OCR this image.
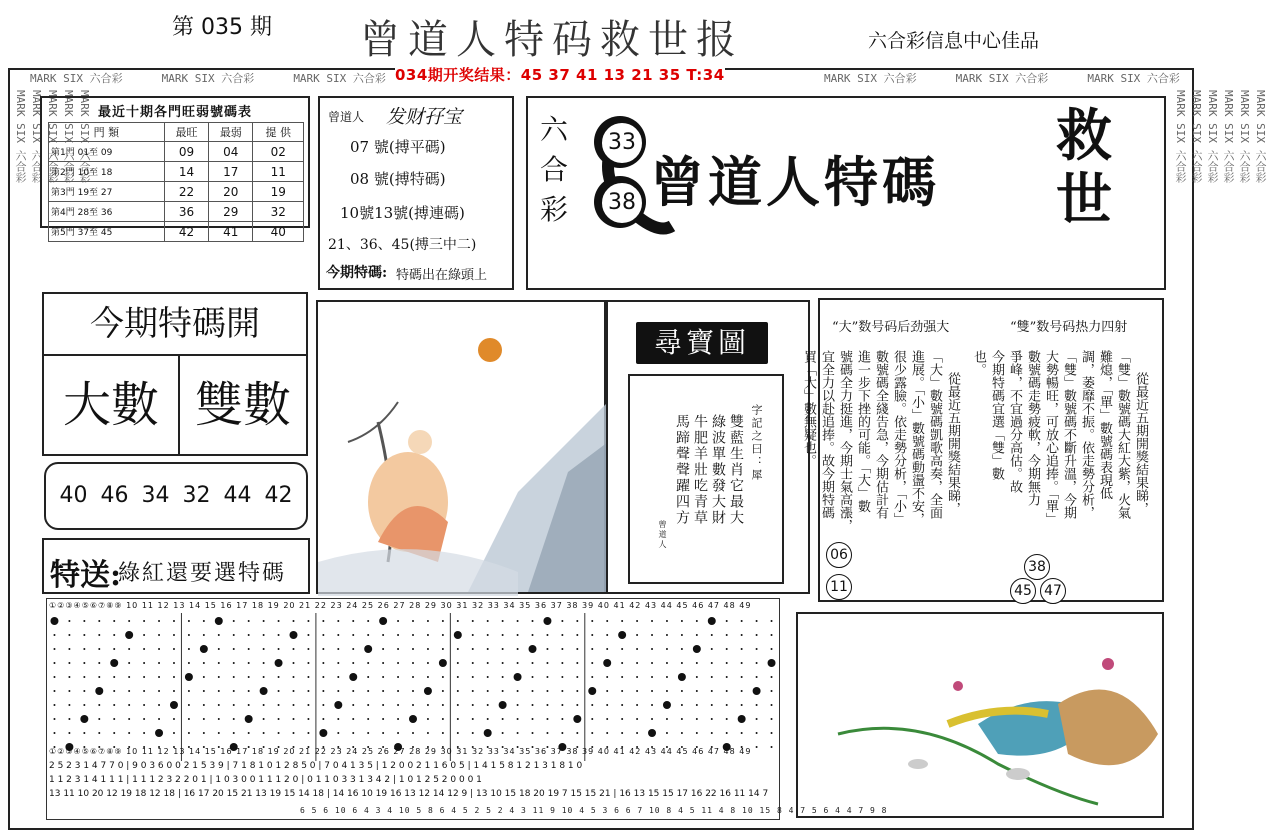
第 035 期 曾道人特码救世报	六合彩信息中心佳品
MARK SIX 六合彩	MARK SIX 六合彩	MARK SIX 六合彩	MARK SIX 六合彩	MARK SIX 六合彩	MARK SIX 六合彩
034期开奖结果：45 37 41 13 21 35 T:34
MARK SIX 六合彩
MARK SIX 六合彩
MARK SIX 六合彩
MARK SIX 六合彩
MARK SIX 六合彩	MARK SIX 六合彩
MARK SIX 六合彩
MARK SIX 六合彩
MARK SIX 六合彩
MARK SIX 六合彩
MARK SIX 六合彩
最近十期各門旺弱號碼表
門 類	最旺	最弱	提 供
第1門 01至 09	09	04	02
第2門 10至 18	14	17	11
第3門 19至 27	22	20	19
第4門 28至 36	36	29	32
第5門 37至 45	42	41	40
曾道人 发财孖宝
07 號(搏平碼)
08 號(搏特碼)
10號13號(搏連碼)
21、36、45(搏三中二)
今期特碼: 特碼出在綠頭上
六
合
彩
33
38 曾道人特碼
救
世
今期特碼開
大數 雙數
40 46 34 32 44 42
特送:
綠紅還要選特碼
尋寶圖
字記之曰：犀
雙藍生肖它最大
綠波單數發大財
牛肥羊壯吃青草
馬蹄聲聲躍四方
曾道人
“大”数号码后劲强大	“雙”数号码热力四射
從最近五期開獎結果睇，
「雙」數號碼大紅大紫，火氣
難熄，「單」數號碼表現低
調，萎靡不振。依走勢分析，
「雙」數號碼不斷升溫，今期
大勢暢旺，可放心追捧。「單」
數號碼走勢疲軟，今期無力
爭峰，不宜過分高估。故
今期特碼宜選「雙」數
也。
從最近五期開獎結果睇，
「大」數號碼凱歌高奏，全面
進展。「小」數號碼動盪不安，
很少露臉。依走勢分析，「小」
數號碼全綫告急，今期估計有
進一步下挫的可能。「大」數
號碼全力挺進，今期士氣高漲，
宜全力以赴追捧。故今期特碼
買「大」數無疑也。
06
11
38
45 47
①②③④⑤⑥⑦⑧⑨ 10 11 12 13 14 15 16 17 18 19 20 21 22 23 24 25 26 27 28 29 30 31 32 33 34 35 36 37 38 39 40 41 42 43 44 45 46 47 48 49
①②③④⑤⑥⑦⑧⑨ 10 11 12 13 14 15 16 17 18 19 20 21 22 23 24 25 26 27 28 29 30 31 32 33 34 35 36 37 38 39 40 41 42 43 44 45 46 47 48 49
2 5 2 3 1 4 7 7 0 | 9 0 3 6 0 0 2 1 5 3 9 | 7 1 8 1 0 1 2 8 5 0 | 7 0 4 1 3 5 | 1 2 0 0 2 1 1 6 0 5 | 1 4 1 5 8 1 2 1 3 1 8 1 0
1 1 2 3 1 4 1 1 1 | 1 1 1 2 3 2 2 0 1 | 1 0 3 0 0 1 1 1 2 0 | 0 1 1 0 3 3 1 3 4 2 | 1 0 1 2 5 2 0 0 0 1
13 11 10 20 12 19 18 12 18 | 16 17 20 15 21 13 19 15 14 18 | 14 16 10 19 16 13 12 14 12 9 | 13 10 15 18 20 19 7 15 15 21 | 16 13 15 15 17 16 22 16 11 14 7
6 5 6 10 6 4 3 4 10 5 8 6 4 5 2 5 2 4 3 11 9 10 4 5 3 6 6 7 10 8 4 5 11 4 8 10 15 8 4 7 5 6 4 4 7 9 8
